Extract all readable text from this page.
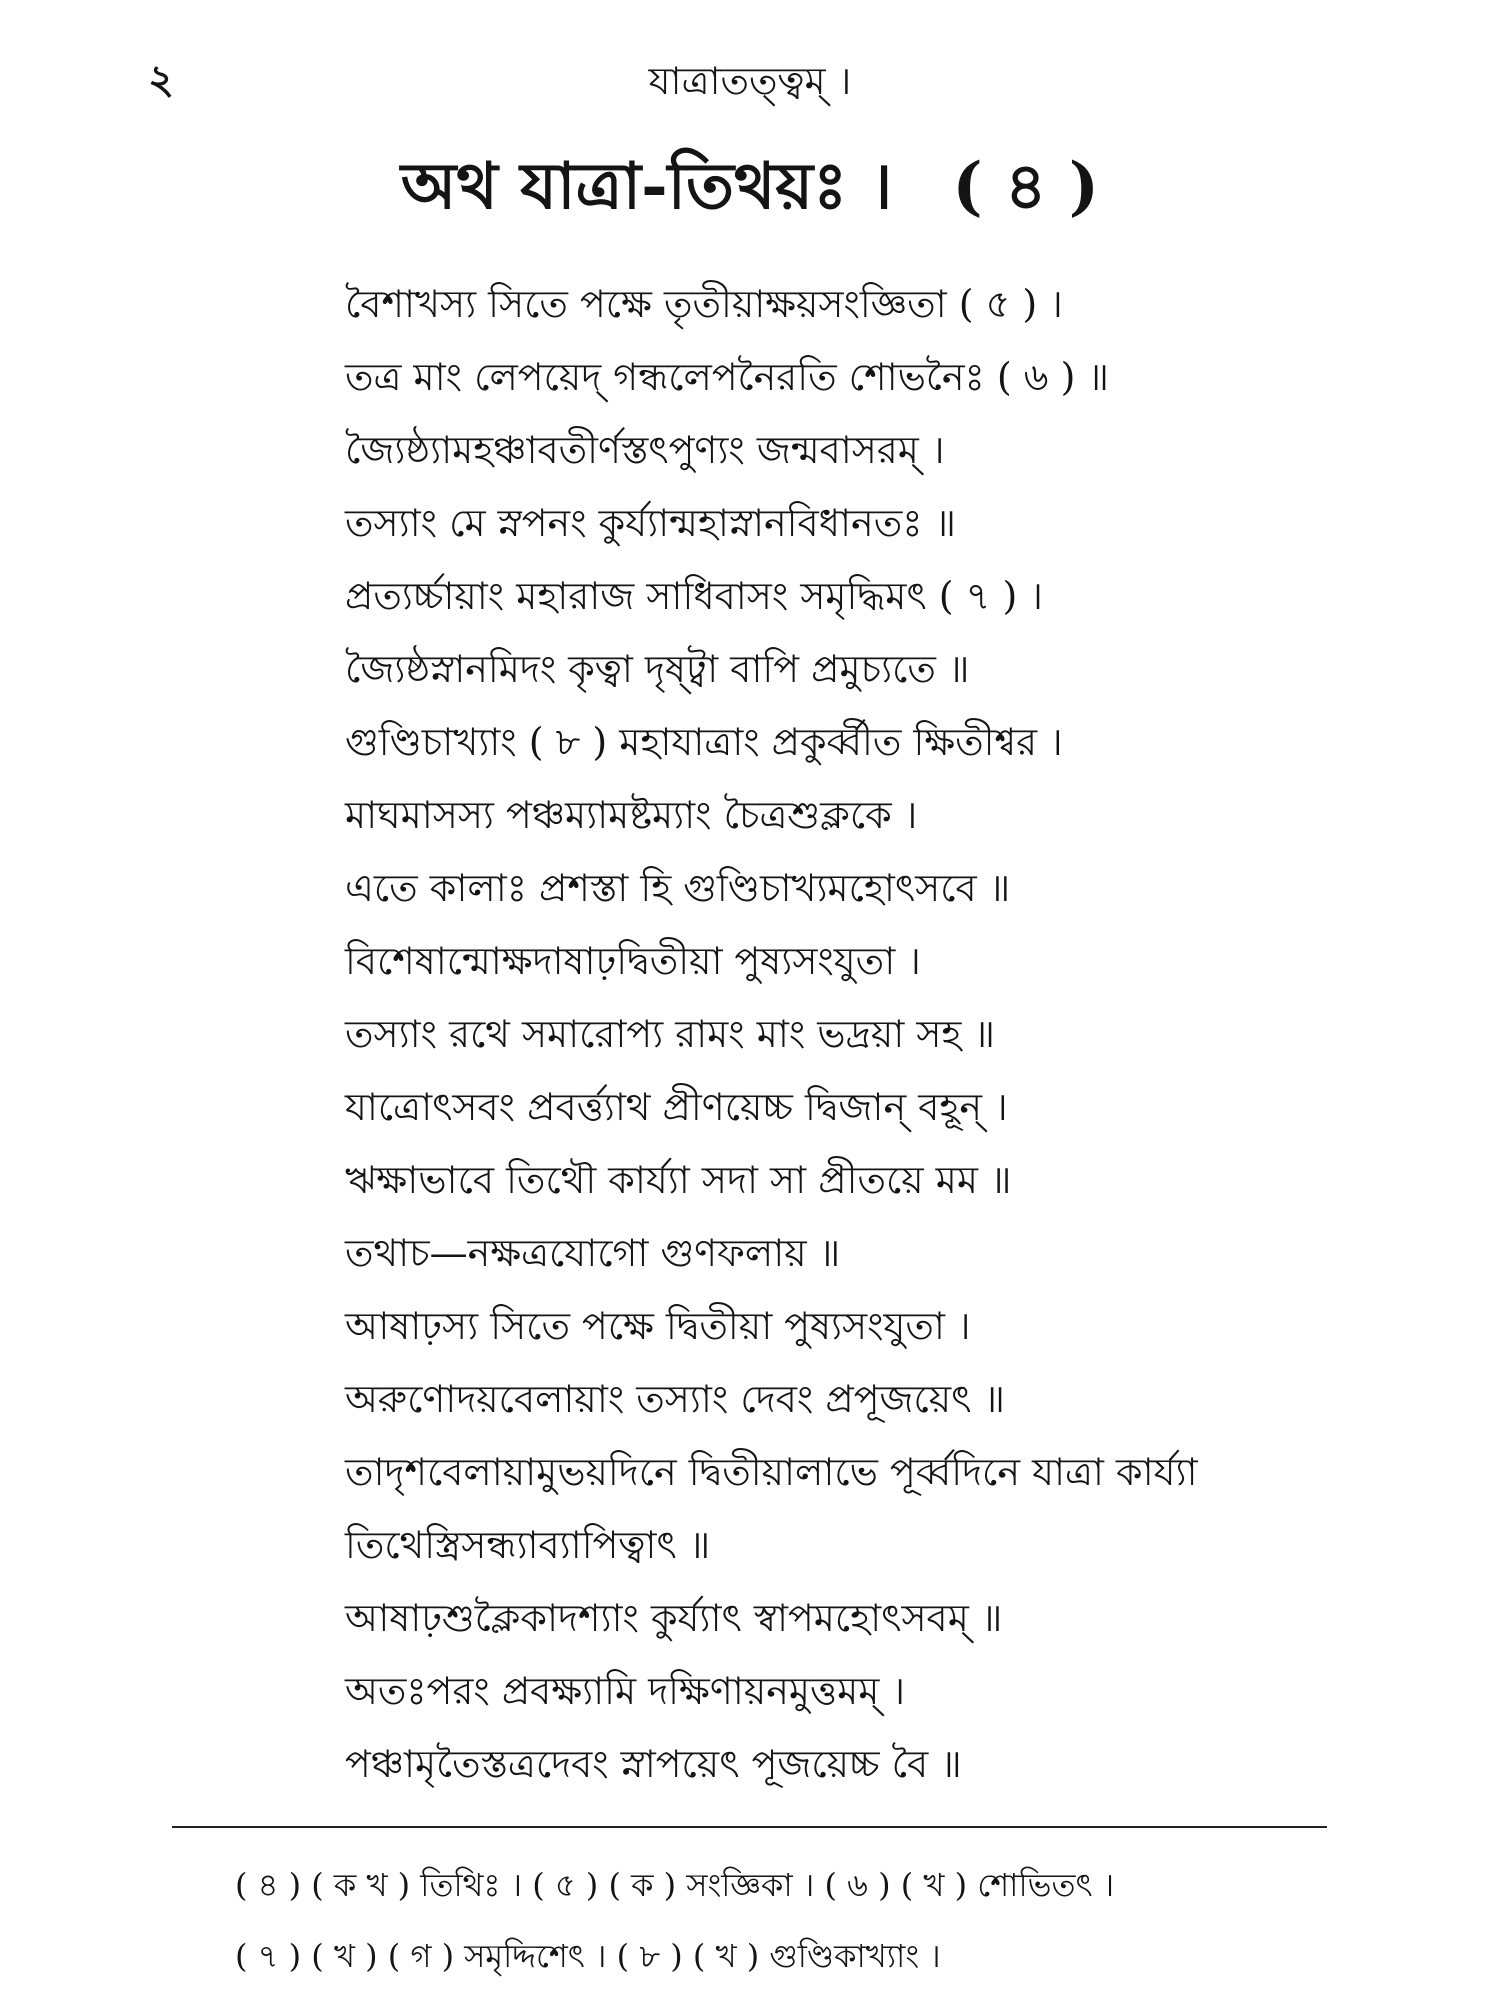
২	যাত্রাতত্ত্বম্ ।
অথ যাত্রা-তিথয়ঃ । ( ৪ )
বৈশাখস্য সিতে পক্ষে তৃতীয়াক্ষয়সংজ্ঞিতা ( ৫ ) ।
তত্র মাং লেপয়েদ্ গন্ধলেপনৈরতি শোভনৈঃ ( ৬ ) ॥
জ্যৈষ্ঠ্যামহঞ্চাবতীর্ণস্তৎপুণ্যং জন্মবাসরম্ ।
তস্যাং মে স্নপনং কুর্য্যান্মহাস্নানবিধানতঃ ॥
প্রত্যর্চ্চায়াং মহারাজ সাধিবাসং সমৃদ্ধিমৎ ( ৭ ) ।
জ্যৈষ্ঠস্নানমিদং কৃত্বা দৃষ্ট্বা বাপি প্রমুচ্যতে ॥
গুণ্ডিচাখ্যাং ( ৮ ) মহাযাত্রাং প্রকুর্ব্বীত ক্ষিতীশ্বর ।
মাঘমাসস্য পঞ্চম্যামষ্টম্যাং চৈত্রশুক্লকে ।
এতে কালাঃ প্রশস্তা হি গুণ্ডিচাখ্যমহোৎসবে ॥
বিশেষান্মোক্ষদাষাঢ়দ্বিতীয়া পুষ্যসংযুতা ।
তস্যাং রথে সমারোপ্য রামং মাং ভদ্রয়া সহ ॥
যাত্রোৎসবং প্রবর্ত্ত্যাথ প্রীণয়েচ্চ দ্বিজান্ বহূন্ ।
ঋক্ষাভাবে তিথৌ কার্য্যা সদা সা প্রীতয়ে মম ॥
তথাচ—নক্ষত্রযোগো গুণফলায় ॥
আষাঢ়স্য সিতে পক্ষে দ্বিতীয়া পুষ্যসংযুতা ।
অরুণোদয়বেলায়াং তস্যাং দেবং প্রপূজয়েৎ ॥
তাদৃশবেলায়ামুভয়দিনে দ্বিতীয়ালাভে পূর্ব্বদিনে যাত্রা কার্য্যা
তিথেস্ত্রিসন্ধ্যাব্যাপিত্বাৎ ॥
আষাঢ়শুক্লৈকাদশ্যাং কুর্য্যাৎ স্বাপমহোৎসবম্ ॥
অতঃপরং প্রবক্ষ্যামি দক্ষিণায়নমুত্তমম্ ।
পঞ্চামৃতৈস্তত্রদেবং স্নাপয়েৎ পূজয়েচ্চ বৈ ॥
( ৪ ) ( ক খ ) তিথিঃ । ( ৫ ) ( ক ) সংজ্ঞিকা । ( ৬ ) ( খ ) শোভিতৎ ।
( ৭ ) ( খ ) ( গ ) সমৃদ্দিশেৎ । ( ৮ ) ( খ ) গুণ্ডিকাখ্যাং ।
